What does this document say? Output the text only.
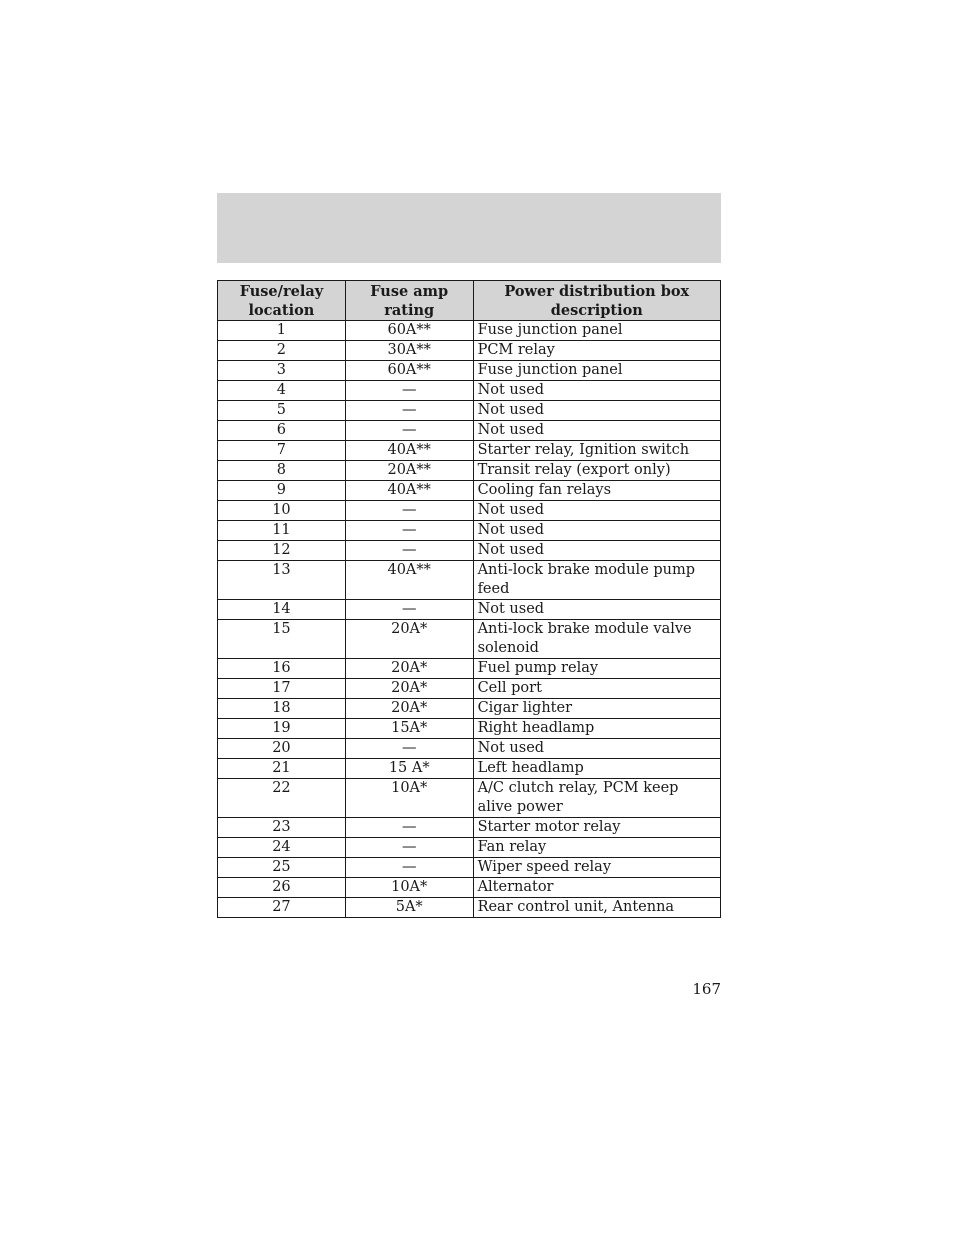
Fuse/relay location	Fuse amp rating	Power distribution box description
1	60A**	Fuse junction panel
2	30A**	PCM relay
3	60A**	Fuse junction panel
4	—	Not used
5	—	Not used
6	—	Not used
7	40A**	Starter relay, Ignition switch
8	20A**	Transit relay (export only)
9	40A**	Cooling fan relays
10	—	Not used
11	—	Not used
12	—	Not used
13	40A**	Anti-lock brake module pump feed
14	—	Not used
15	20A*	Anti-lock brake module valve solenoid
16	20A*	Fuel pump relay
17	20A*	Cell port
18	20A*	Cigar lighter
19	15A*	Right headlamp
20	—	Not used
21	15 A*	Left headlamp
22	10A*	A/C clutch relay, PCM keep alive power
23	—	Starter motor relay
24	—	Fan relay
25	—	Wiper speed relay
26	10A*	Alternator
27	5A*	Rear control unit, Antenna
167
